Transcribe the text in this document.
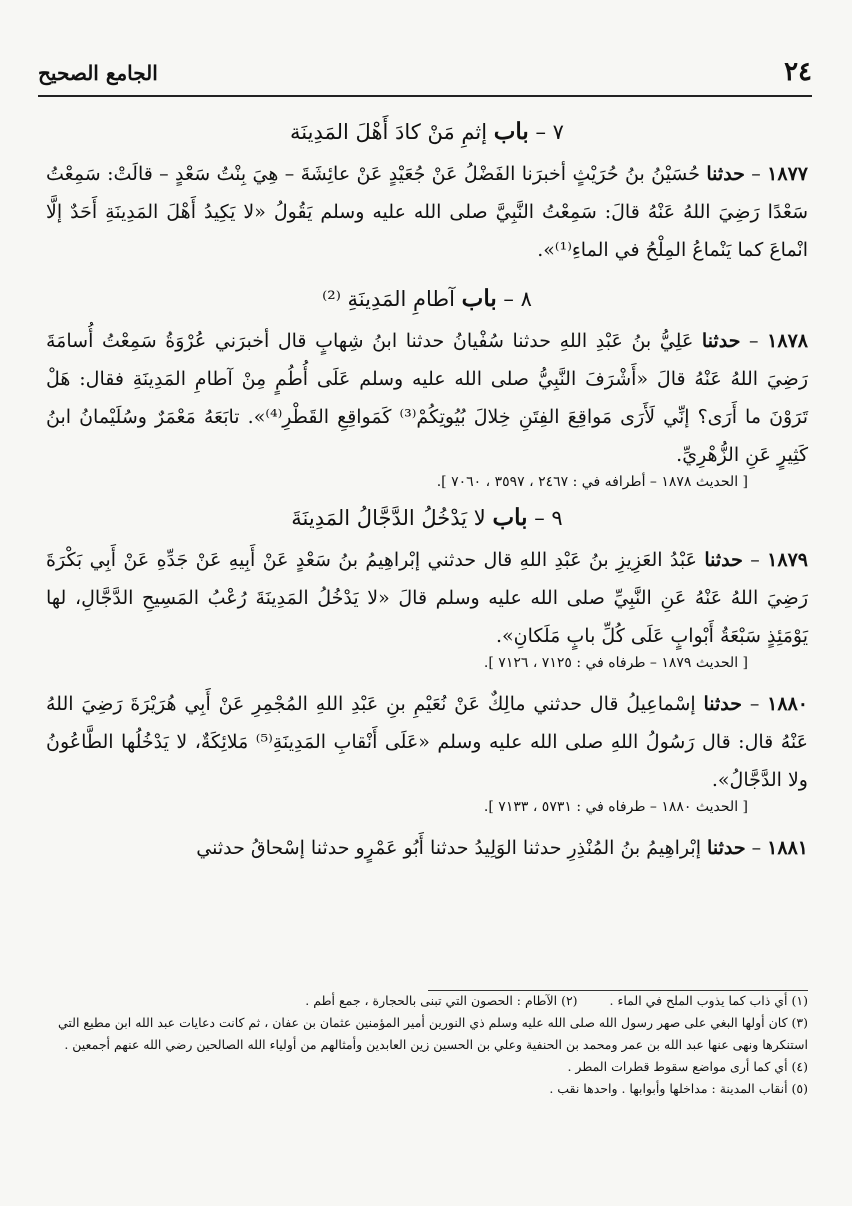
٢٤
الجامع الصحيح
٧ – باب إثمِ مَنْ كادَ أَهْلَ المَدِينَة
١٨٧٧ – حدثنا حُسَيْنُ بنُ حُرَيْثٍ أخبرَنا الفَضْلُ عَنْ جُعَيْدٍ عَنْ عائِشَةَ – هِيَ بِنْتُ سَعْدٍ – قالَتْ: سَمِعْتُ سَعْدًا رَضِيَ اللهُ عَنْهُ قالَ: سَمِعْتُ النَّبِيَّ صلى الله عليه وسلم يَقُولُ «لا يَكِيدُ أَهْلَ المَدِينَةِ أَحَدٌ إلَّا انْماعَ كما يَنْماعُ المِلْحُ في الماءِ⁽¹⁾».
٨ – باب آطامِ المَدِينَةِ ⁽²⁾
١٨٧٨ – حدثنا عَلِيُّ بنُ عَبْدِ اللهِ حدثنا سُفْيانُ حدثنا ابنُ شِهابٍ قال أخبرَني عُرْوَةُ سَمِعْتُ أُسامَةَ رَضِيَ اللهُ عَنْهُ قالَ «أَشْرَفَ النَّبِيُّ صلى الله عليه وسلم عَلَى أُطُمٍ مِنْ آطامِ المَدِينَةِ فقال: هَلْ تَرَوْنَ ما أَرَى؟ إنِّي لَأَرَى مَواقِعَ الفِتَنِ خِلالَ بُيُوتِكُمْ⁽³⁾ كَمَواقِعِ القَطْرِ⁽⁴⁾». تابَعَهُ مَعْمَرٌ وسُلَيْمانُ ابنُ كَثِيرٍ عَنِ الزُّهْرِيِّ.
[ الحديث ١٨٧٨ – أطرافه في : ٢٤٦٧ ، ٣٥٩٧ ، ٧٠٦٠ ].
٩ – باب لا يَدْخُلُ الدَّجَّالُ المَدِينَةَ
١٨٧٩ – حدثنا عَبْدُ العَزِيزِ بنُ عَبْدِ اللهِ قال حدثني إبْراهِيمُ بنُ سَعْدٍ عَنْ أَبِيهِ عَنْ جَدِّهِ عَنْ أَبِي بَكْرَةَ رَضِيَ اللهُ عَنْهُ عَنِ النَّبِيِّ صلى الله عليه وسلم قالَ «لا يَدْخُلُ المَدِينَةَ رُعْبُ المَسِيحِ الدَّجَّالِ، لها يَوْمَئِذٍ سَبْعَةُ أَبْوابٍ عَلَى كُلِّ بابٍ مَلَكانِ».
[ الحديث ١٨٧٩ – طرفاه في : ٧١٢٥ ، ٧١٢٦ ].
١٨٨٠ – حدثنا إسْماعِيلُ قال حدثني مالِكٌ عَنْ نُعَيْمِ بنِ عَبْدِ اللهِ المُجْمِرِ عَنْ أَبِي هُرَيْرَةَ رَضِيَ اللهُ عَنْهُ قال: قال رَسُولُ اللهِ صلى الله عليه وسلم «عَلَى أَنْقابِ المَدِينَةِ⁽⁵⁾ مَلائِكَةٌ، لا يَدْخُلُها الطَّاعُونُ ولا الدَّجَّالُ».
[ الحديث ١٨٨٠ – طرفاه في : ٥٧٣١ ، ٧١٣٣ ].
١٨٨١ – حدثنا إبْراهِيمُ بنُ المُنْذِرِ حدثنا الوَلِيدُ حدثنا أَبُو عَمْرٍو حدثنا إسْحاقُ حدثني

(١) أي ذاب كما يذوب الملح في الماء . (٢) الآطام : الحصون التي تبنى بالحجارة ، جمع أطم .

(٣) كان أولها البغي على صهر رسول الله صلى الله عليه وسلم ذي النورين أمير المؤمنين عثمان بن عفان ، ثم كانت دعايات عبد الله ابن مطيع التي استنكرها ونهى عنها عبد الله بن عمر ومحمد بن الحنفية وعلي بن الحسين زين العابدين وأمثالهم من أولياء الله الصالحين رضي الله عنهم أجمعين .

(٤) أي كما أرى مواضع سقوط قطرات المطر .

(٥) أنقاب المدينة : مداخلها وأبوابها . واحدها نقب .
